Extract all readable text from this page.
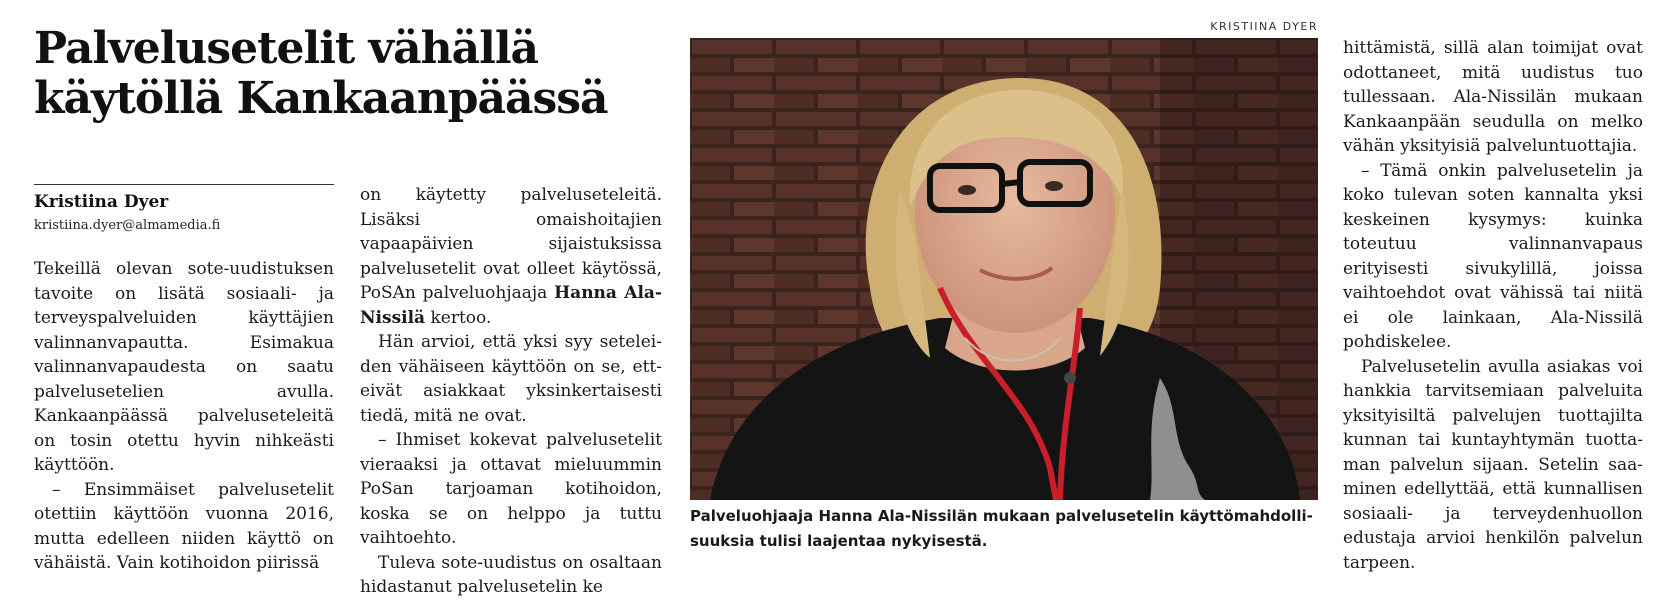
Palvelusetelit vähällä käytöllä Kankaanpäässä
Kristiina Dyer
kristiina.dyer@almamedia.fi

Tekeillä olevan sote-uudistuksen tavoite on lisätä sosiaali- ja terveyspalveluiden käyttäjien valinnanvapautta. Esimakua valinnanvapaudesta on saatu palvelusetelien avulla. Kankaanpäässä palveluseteleitä on tosin otettu hyvin nihkeästi käyttöön.

– Ensimmäiset palvelusetelit otettiin käyttöön vuonna 2016, mutta edelleen niiden käyttö on vähäistä. Vain kotihoidon piirissä

on käytetty palveluseteleitä. Lisäksi omaishoitajien vapaapäivien sijaistuksissa palvelusetelit ovat olleet käytössä, PoSAn palveluohjaaja Hanna Ala-Nissilä kertoo.

Hän arvioi, että yksi syy seteleiden vähäiseen käyttöön on se, etteivät asiakkaat yksinkertaisesti tiedä, mitä ne ovat.

– Ihmiset kokevat palvelusetelit vieraaksi ja ottavat mieluummin PoSan tarjoaman kotihoidon, koska se on helppo ja tuttu vaihtoehto.

Tuleva sote-uudistus on osaltaan hidastanut palvelusetelin ke

KRISTIINA DYER
Palveluohjaaja Hanna Ala-Nissilän mukaan palvelusetelin käyttömahdollisuuksia tulisi laajentaa nykyisestä.

hittämistä, sillä alan toimijat ovat odottaneet, mitä uudistus tuo tullessaan. Ala-Nissilän mukaan Kankaanpään seudulla on melko vähän yksityisiä palveluntuottajia.

– Tämä onkin palvelusetelin ja koko tulevan soten kannalta yksi keskeinen kysymys: kuinka toteutuu valinnanvapaus erityisesti sivukylillä, joissa vaihtoehdot ovat vähissä tai niitä ei ole lainkaan, Ala-Nissilä pohdiskelee.

Palvelusetelin avulla asiakas voi hankkia tarvitsemiaan palveluita yksityisiltä palvelujen tuottajilta kunnan tai kuntayhtymän tuottaman palvelun sijaan. Setelin saaminen edellyttää, että kunnallisen sosiaali- ja terveydenhuollon edustaja arvioi henkilön palvelun tarpeen.
